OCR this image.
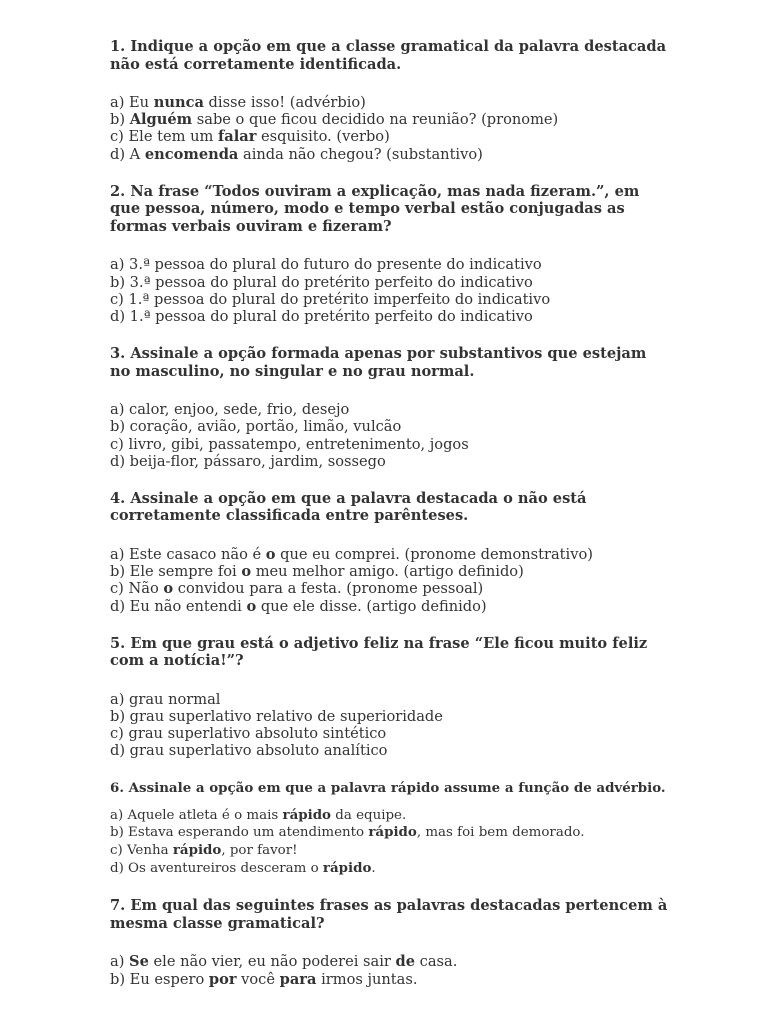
1. Indique a opção em que a classe gramatical da palavra destacada não está corretamente identificada.
a) Eu nunca disse isso! (advérbio)
b) Alguém sabe o que ficou decidido na reunião? (pronome)
c) Ele tem um falar esquisito. (verbo)
d) A encomenda ainda não chegou? (substantivo)
2. Na frase “Todos ouviram a explicação, mas nada fizeram.”, em que pessoa, número, modo e tempo verbal estão conjugadas as formas verbais ouviram e fizeram?
a) 3.ª pessoa do plural do futuro do presente do indicativo
b) 3.ª pessoa do plural do pretérito perfeito do indicativo
c) 1.ª pessoa do plural do pretérito imperfeito do indicativo
d) 1.ª pessoa do plural do pretérito perfeito do indicativo
3. Assinale a opção formada apenas por substantivos que estejam no masculino, no singular e no grau normal.
a) calor, enjoo, sede, frio, desejo
b) coração, avião, portão, limão, vulcão
c) livro, gibi, passatempo, entretenimento, jogos
d) beija-flor, pássaro, jardim, sossego
4. Assinale a opção em que a palavra destacada o não está corretamente classificada entre parênteses.
a) Este casaco não é o que eu comprei. (pronome demonstrativo)
b) Ele sempre foi o meu melhor amigo. (artigo definido)
c) Não o convidou para a festa. (pronome pessoal)
d) Eu não entendi o que ele disse. (artigo definido)
5. Em que grau está o adjetivo feliz na frase “Ele ficou muito feliz com a notícia!”?
a) grau normal
b) grau superlativo relativo de superioridade
c) grau superlativo absoluto sintético
d) grau superlativo absoluto analítico
6. Assinale a opção em que a palavra rápido assume a função de advérbio.
a) Aquele atleta é o mais rápido da equipe.
b) Estava esperando um atendimento rápido, mas foi bem demorado.
c) Venha rápido, por favor!
d) Os aventureiros desceram o rápido.
7. Em qual das seguintes frases as palavras destacadas pertencem à mesma classe gramatical?
a) Se ele não vier, eu não poderei sair de casa.
b) Eu espero por você para irmos juntas.
